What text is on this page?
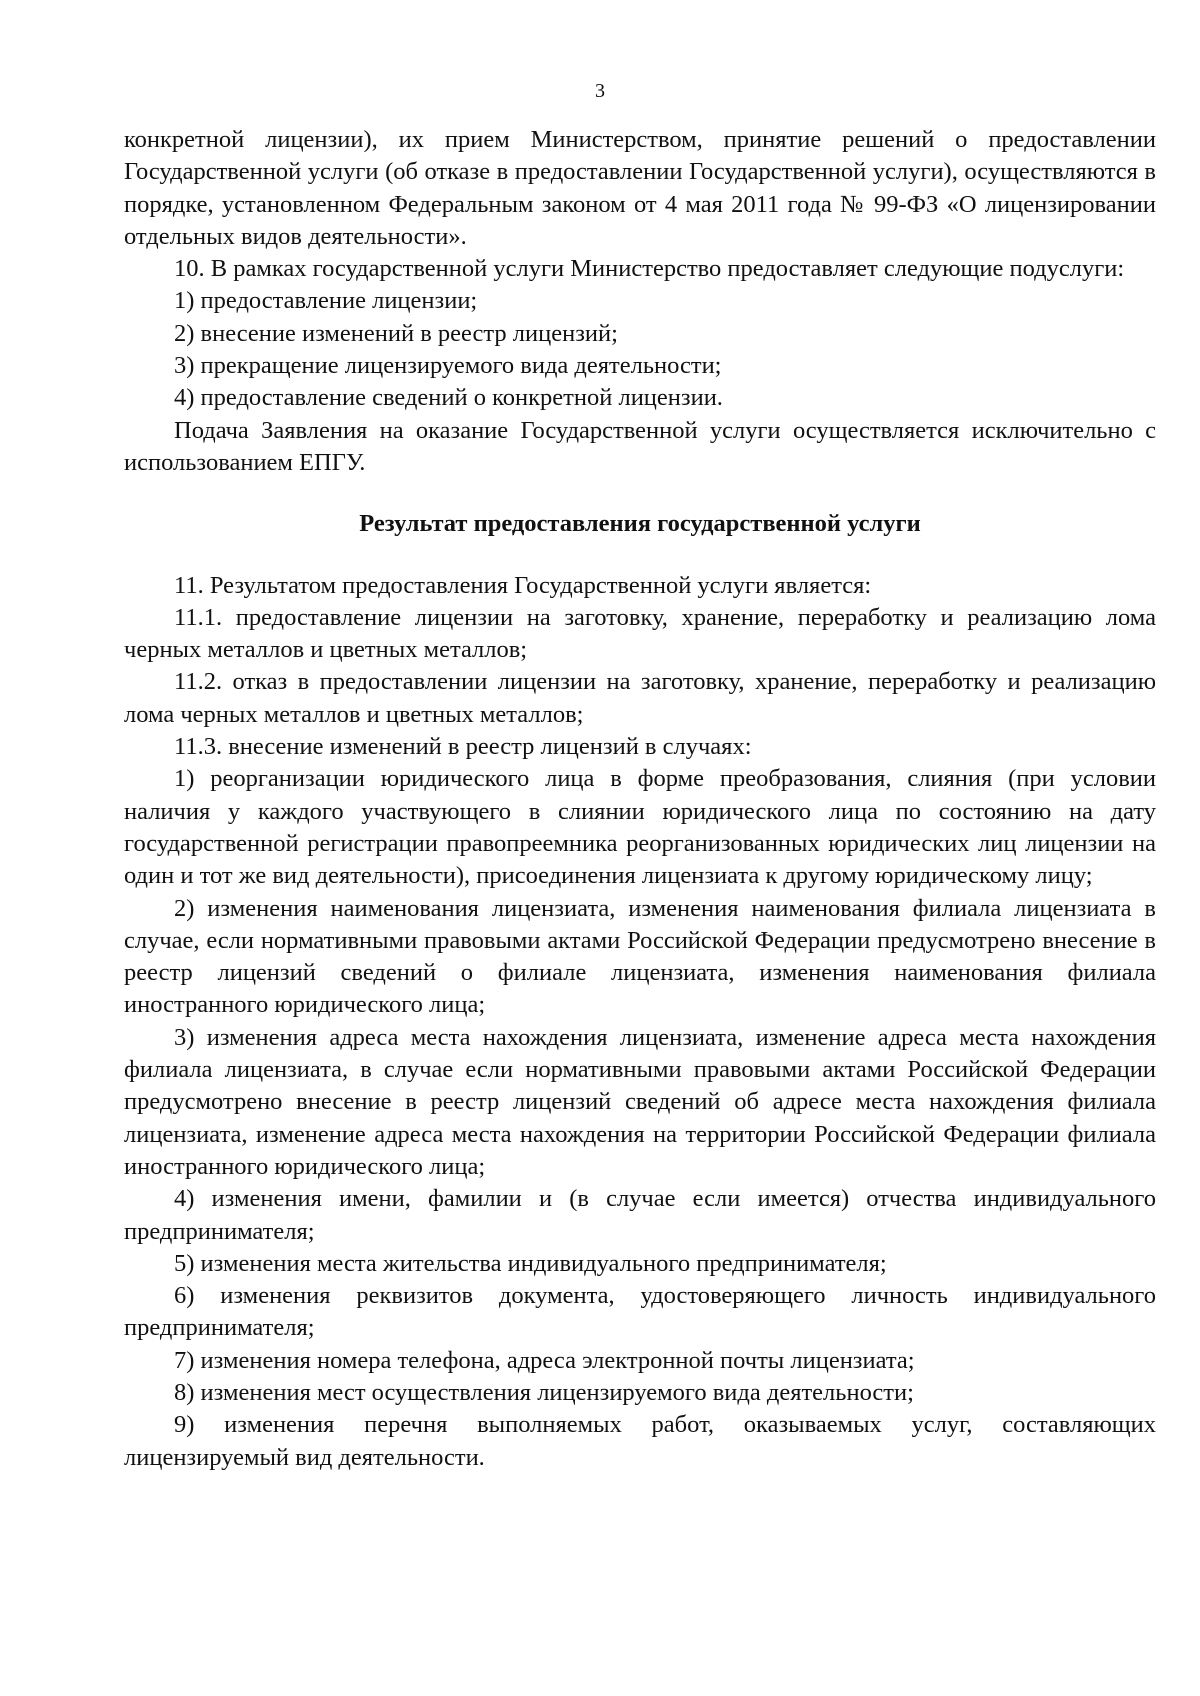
3

конкретной лицензии), их прием Министерством, принятие решений о предоставлении Государственной услуги (об отказе в предоставлении Государственной услуги), осуществляются в порядке, установленном Федеральным законом от 4 мая 2011 года № 99-ФЗ «О лицензировании отдельных видов деятельности».

10. В рамках государственной услуги Министерство предоставляет следующие подуслуги:

1) предоставление лицензии;

2) внесение изменений в реестр лицензий;

3) прекращение лицензируемого вида деятельности;

4) предоставление сведений о конкретной лицензии.

Подача Заявления на оказание Государственной услуги осуществляется исключительно с использованием ЕПГУ.

Результат предоставления государственной услуги

11. Результатом предоставления Государственной услуги является:

11.1. предоставление лицензии на заготовку, хранение, переработку и реализацию лома черных металлов и цветных металлов;

11.2. отказ в предоставлении лицензии на заготовку, хранение, переработку и реализацию лома черных металлов и цветных металлов;

11.3. внесение изменений в реестр лицензий в случаях:

1) реорганизации юридического лица в форме преобразования, слияния (при условии наличия у каждого участвующего в слиянии юридического лица по состоянию на дату государственной регистрации правопреемника реорганизованных юридических лиц лицензии на один и тот же вид деятельности), присоединения лицензиата к другому юридическому лицу;

2) изменения наименования лицензиата, изменения наименования филиала лицензиата в случае, если нормативными правовыми актами Российской Федерации предусмотрено внесение в реестр лицензий сведений о филиале лицензиата, изменения наименования филиала иностранного юридического лица;

3) изменения адреса места нахождения лицензиата, изменение адреса места нахождения филиала лицензиата, в случае если нормативными правовыми актами Российской Федерации предусмотрено внесение в реестр лицензий сведений об адресе места нахождения филиала лицензиата, изменение адреса места нахождения на территории Российской Федерации филиала иностранного юридического лица;

4) изменения имени, фамилии и (в случае если имеется) отчества индивидуального предпринимателя;

5) изменения места жительства индивидуального предпринимателя;

6) изменения реквизитов документа, удостоверяющего личность индивидуального предпринимателя;

7) изменения номера телефона, адреса электронной почты лицензиата;

8) изменения мест осуществления лицензируемого вида деятельности;

9) изменения перечня выполняемых работ, оказываемых услуг, составляющих лицензируемый вид деятельности.
